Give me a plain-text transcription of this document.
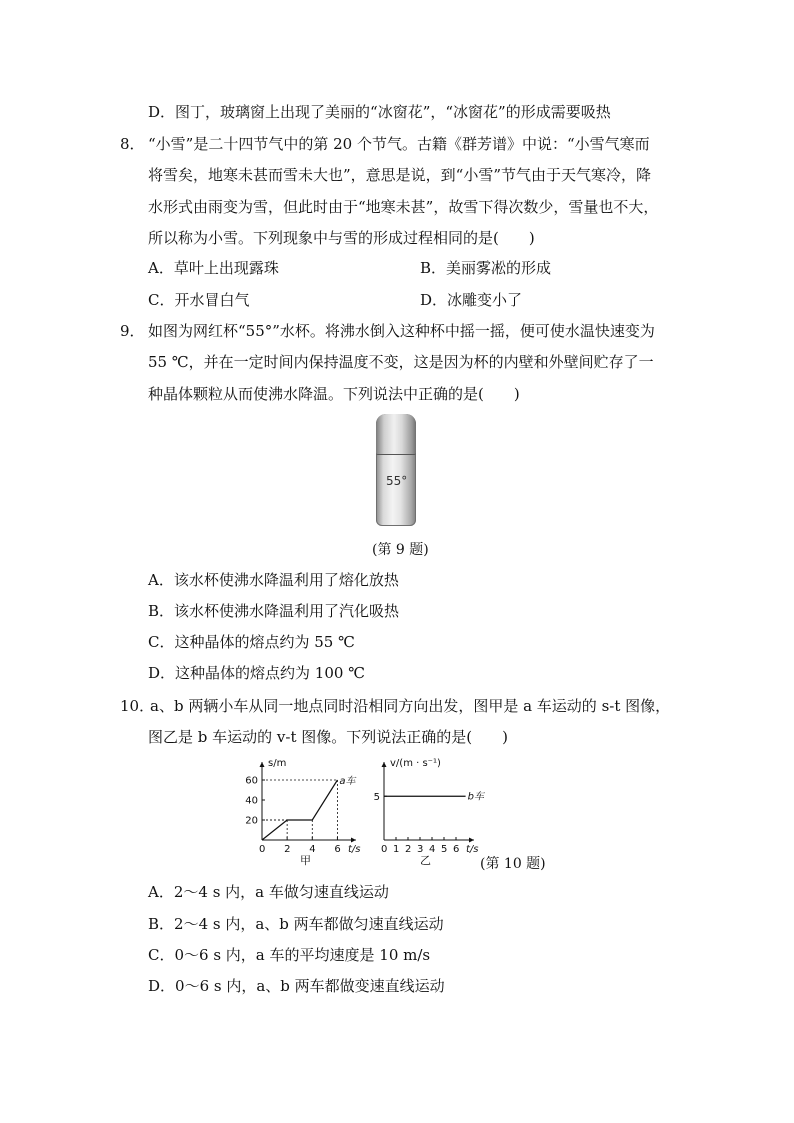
D．图丁，玻璃窗上出现了美丽的“冰窗花”，“冰窗花”的形成需要吸热
8． “小雪”是二十四节气中的第 20 个节气。古籍《群芳谱》中说：“小雪气寒而
将雪矣，地寒未甚而雪未大也”，意思是说，到“小雪”节气由于天气寒冷，降
水形式由雨变为雪，但此时由于“地寒未甚”，故雪下得次数少，雪量也不大，
所以称为小雪。下列现象中与雪的形成过程相同的是(　　)
A．草叶上出现露珠	B．美丽雾凇的形成
C．开水冒白气	D．冰雕变小了
9． 如图为网红杯“55°”水杯。将沸水倒入这种杯中摇一摇，便可使水温快速变为
55 ℃，并在一定时间内保持温度不变，这是因为杯的内壁和外壁间贮存了一
种晶体颗粒从而使沸水降温。下列说法中正确的是(　　)
55°
(第 9 题)
A．该水杯使沸水降温利用了熔化放热
B．该水杯使沸水降温利用了汽化吸热
C．这种晶体的熔点约为 55 ℃
D．这种晶体的熔点约为 100 ℃
10．
a、b 两辆小车从同一地点同时沿相同方向出发，图甲是 a 车运动的 s-t 图像，
图乙是 b 车运动的 v-t 图像。下列说法正确的是(　　)
s/m
t/s
0 2 4 6
20
40
60	a车
甲
v/(m · s⁻¹)
t/s
0 1 2 3 4 5 6
5	b车
乙	(第 10 题)
A．2～4 s 内，a 车做匀速直线运动
B．2～4 s 内，a、b 两车都做匀速直线运动
C．0～6 s 内，a 车的平均速度是 10 m/s
D．0～6 s 内，a、b 两车都做变速直线运动
